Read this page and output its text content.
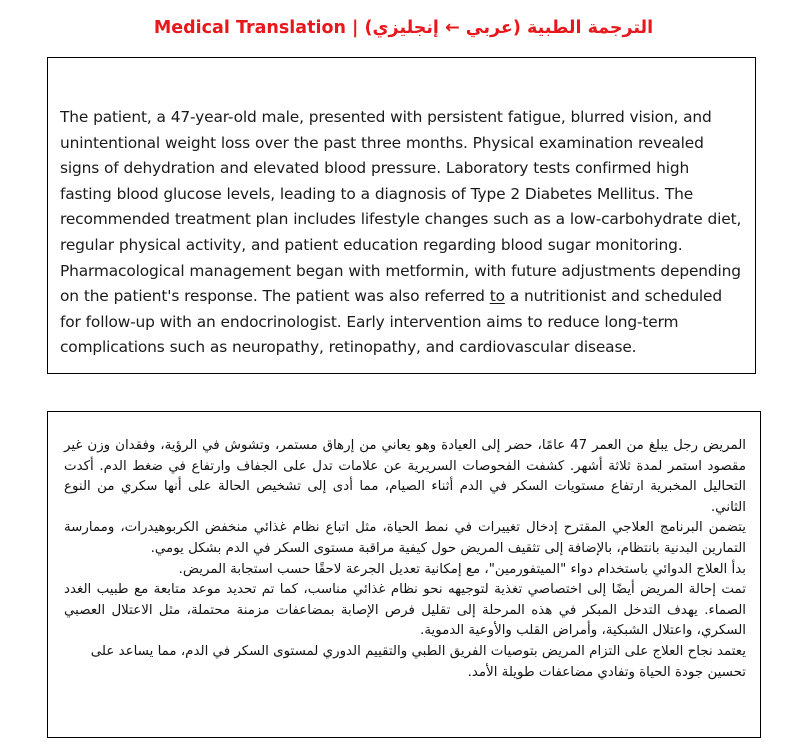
Medical Translation | الترجمة الطبية (عربي ← إنجليزي)
The patient, a 47-year-old male, presented with persistent fatigue, blurred vision, and unintentional weight loss over the past three months. Physical examination revealed signs of dehydration and elevated blood pressure. Laboratory tests confirmed high fasting blood glucose levels, leading to a diagnosis of Type 2 Diabetes Mellitus. The recommended treatment plan includes lifestyle changes such as a low-carbohydrate diet, regular physical activity, and patient education regarding blood sugar monitoring. Pharmacological management began with metformin, with future adjustments depending on the patient's response. The patient was also referred to a nutritionist and scheduled for follow-up with an endocrinologist. Early intervention aims to reduce long-term complications such as neuropathy, retinopathy, and cardiovascular disease.

المريض رجل يبلغ من العمر 47 عامًا، حضر إلى العيادة وهو يعاني من إرهاق مستمر، وتشوش في الرؤية، وفقدان وزن غير مقصود استمر لمدة ثلاثة أشهر. كشفت الفحوصات السريرية عن علامات تدل على الجفاف وارتفاع في ضغط الدم. أكدت التحاليل المخبرية ارتفاع مستويات السكر في الدم أثناء الصيام، مما أدى إلى تشخيص الحالة على أنها سكري من النوع الثاني.

يتضمن البرنامج العلاجي المقترح إدخال تغييرات في نمط الحياة، مثل اتباع نظام غذائي منخفض الكربوهيدرات، وممارسة التمارين البدنية بانتظام، بالإضافة إلى تثقيف المريض حول كيفية مراقبة مستوى السكر في الدم بشكل يومي.

بدأ العلاج الدوائي باستخدام دواء "الميتفورمين"، مع إمكانية تعديل الجرعة لاحقًا حسب استجابة المريض.

تمت إحالة المريض أيضًا إلى اختصاصي تغذية لتوجيهه نحو نظام غذائي مناسب، كما تم تحديد موعد متابعة مع طبيب الغدد الصماء. يهدف التدخل المبكر في هذه المرحلة إلى تقليل فرص الإصابة بمضاعفات مزمنة محتملة، مثل الاعتلال العصبي السكري، واعتلال الشبكية، وأمراض القلب والأوعية الدموية.

يعتمد نجاح العلاج على التزام المريض بتوصيات الفريق الطبي والتقييم الدوري لمستوى السكر في الدم، مما يساعد على تحسين جودة الحياة وتفادي مضاعفات طويلة الأمد.
